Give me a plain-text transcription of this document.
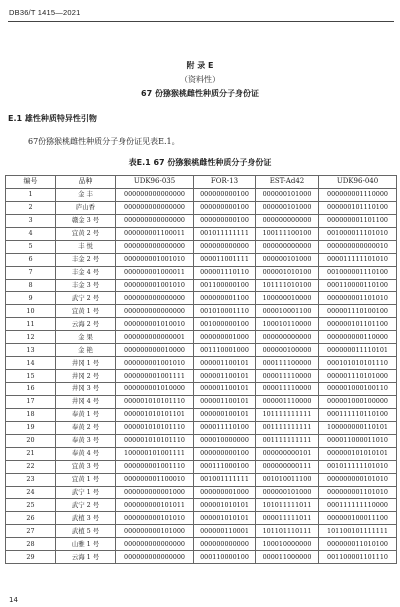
DB36/T 1415—2021
附 录 E
（资料性）
67 份猕猴桃雌性种质分子身份证
E.1 雄性种质特异性引物
67份猕猴桃雌性种质分子身份证见表E.1。
表E.1 67 份猕猴桃雌性种质分子身份证
编号	品种	UDK96-035	FOR-13	EST-Ad42	UDK96-040
1	金 丰	000000000000000	000000000100	000000101000	000000001110000
2	庐山香	000000000000000	000000000100	000000101000	000000101110100
3	赣金 3 号	000000000000000	000000000100	000000000000	000000001101100
4	宜黄 2 号	000000001100011	001011111111	100111100100	001000011101010
5	丰 悦	000000000000000	000000000000	000000000000	000000000000010
6	丰金 2 号	000000001001010	000011001111	000000101000	000011111101010
7	丰金 4 号	000000001000011	000001110110	000001010100	001000001110100
8	丰金 3 号	000000001001010	001100000100	101111010100	000110000110100
9	武宁 2 号	000000000000000	000000001100	100000010000	000000001101010
10	宜黄 1 号	000000000000000	001010001110	000010001100	000001110100100
11	云海 2 号	000000001010010	001000000100	100010110000	000000101101100
12	金 果	000000000000001	000000001000	000000000000	000000000110000
13	金 艳	000000000010000	001110001000	000000100000	000000011110101
14	井冈 1 号	000000001001010	000001100101	000111100000	000101010101110
15	井冈 2 号	000000001001111	000001100101	000011110000	000001110101000
16	井冈 3 号	000000001010000	000001100101	000011110000	000001000100110
17	井冈 4 号	000001010101110	000001100101	000001110000	000001000100000
18	奉黄 1 号	000001010101101	000000100101	101111111111	000111110110100
19	奉黄 2 号	000001010101110	000011110100	001111111111	100000000110101
20	奉黄 3 号	000001010101110	000010000000	001111111111	000011000011010
21	奉黄 4 号	100000101001111	000000000100	000000000101	000000101010101
22	宜黄 3 号	000000001001110	000111000100	000000000111	001011111101010
23	宜黄 1 号	000000001100010	001001111111	001010011100	000000000101010
24	武宁 1 号	000000000001000	000000001000	000000101000	000000001101010
25	武宁 2 号	000000000101011	000001010101	101011111011	000111111110000
26	武植 3 号	000000000101010	000001010101	000011111011	000000100011100
27	武植 5 号	000000000101000	000000110001	101101110111	101100101111111
28	山雅 1 号	000000000000000	000000000000	100010000000	000000011010100
29	云海 1 号	000000000000000	000110000100	000011000000	001100001101110
14
